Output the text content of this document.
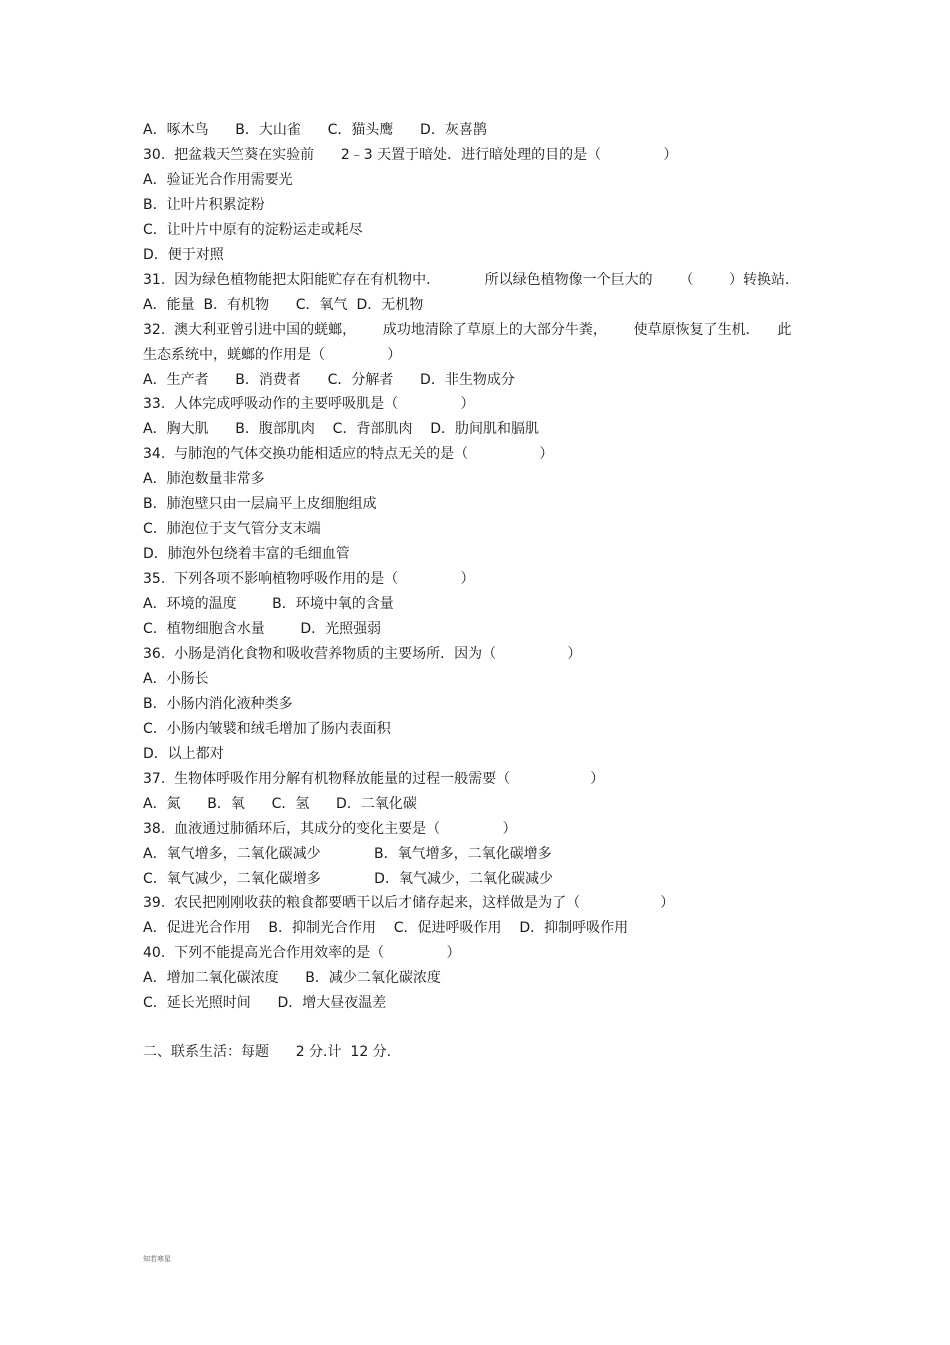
A．啄木鸟      B．大山雀      C．猫头鹰      D．灰喜鹊
30.  把盆栽天竺葵在实验前      2﹣3 天置于暗处．进行暗处理的目的是（              ）
A．验证光合作用需要光
B．让叶片积累淀粉
C．让叶片中原有的淀粉运走或耗尽
D．便于对照
31.  因为绿色植物能把太阳能贮存在有机物中．          所以绿色植物像一个巨大的      （        ）转换站．
A．能量  B．有机物      C．氧气  D．无机物
32.  澳大利亚曾引进中国的蜣螂，      成功地清除了草原上的大部分牛粪，      使草原恢复了生机．    此
生态系统中，蜣螂的作用是（              ）
A．生产者      B．消费者      C．分解者      D．非生物成分
33.  人体完成呼吸动作的主要呼吸肌是（              ）
A．胸大肌      B．腹部肌肉    C．背部肌肉    D．肋间肌和膈肌
34.  与肺泡的气体交换功能相适应的特点无关的是（                ）
A．肺泡数量非常多
B．肺泡壁只由一层扁平上皮细胞组成
C．肺泡位于支气管分支末端
D．肺泡外包绕着丰富的毛细血管
35.  下列各项不影响植物呼吸作用的是（              ）
A．环境的温度        B．环境中氧的含量
C．植物细胞含水量        D．光照强弱
36.  小肠是消化食物和吸收营养物质的主要场所．因为（                ）
A．小肠长
B．小肠内消化液种类多
C．小肠内皱襞和绒毛增加了肠内表面积
D．以上都对
37.  生物体呼吸作用分解有机物释放能量的过程一般需要（                  ）
A．氮      B．氧      C．氢      D．二氧化碳
38.  血液通过肺循环后，其成分的变化主要是（              ）
A．氧气增多，二氧化碳减少            B．氧气增多，二氧化碳增多
C．氧气减少，二氧化碳增多            D．氧气减少，二氧化碳减少
39.  农民把刚刚收获的粮食都要晒干以后才储存起来，这样做是为了（                  ）
A．促进光合作用    B．抑制光合作用    C．促进呼吸作用    D．抑制呼吸作用
40.  下列不能提高光合作用效率的是（              ）
A．增加二氧化碳浓度      B．减少二氧化碳浓度
C．延长光照时间      D．增大昼夜温差
二、联系生活：每题      2 分.计  12 分.
知若寒星
